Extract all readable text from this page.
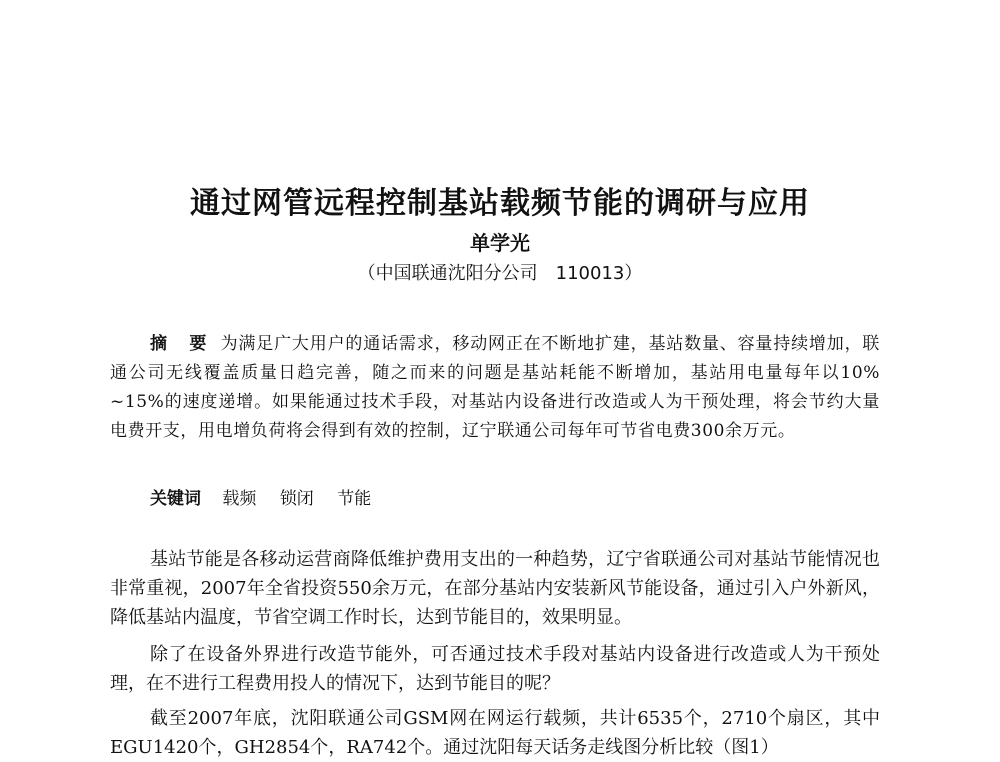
通过网管远程控制基站载频节能的调研与应用
单学光
（中国联通沈阳分公司 110013）

摘 要 为满足广大用户的通话需求，移动网正在不断地扩建，基站数量、容量持续增加，联通公司无线覆盖质量日趋完善，随之而来的问题是基站耗能不断增加，基站用电量每年以10% ~15%的速度递增。如果能通过技术手段，对基站内设备进行改造或人为干预处理，将会节约大量电费开支，用电增负荷将会得到有效的控制，辽宁联通公司每年可节省电费300余万元。

关键词 载频 锁闭 节能

基站节能是各移动运营商降低维护费用支出的一种趋势，辽宁省联通公司对基站节能情况也非常重视，2007年全省投资550余万元，在部分基站内安装新风节能设备，通过引入户外新风，降低基站内温度，节省空调工作时长，达到节能目的，效果明显。

除了在设备外界进行改造节能外，可否通过技术手段对基站内设备进行改造或人为干预处理，在不进行工程费用投人的情况下，达到节能目的呢？

截至2007年底，沈阳联通公司GSM网在网运行载频，共计6535个，2710个扇区，其中EGU1420个，GH2854个，RA742个。通过沈阳每天话务走线图分析比较（图1）
